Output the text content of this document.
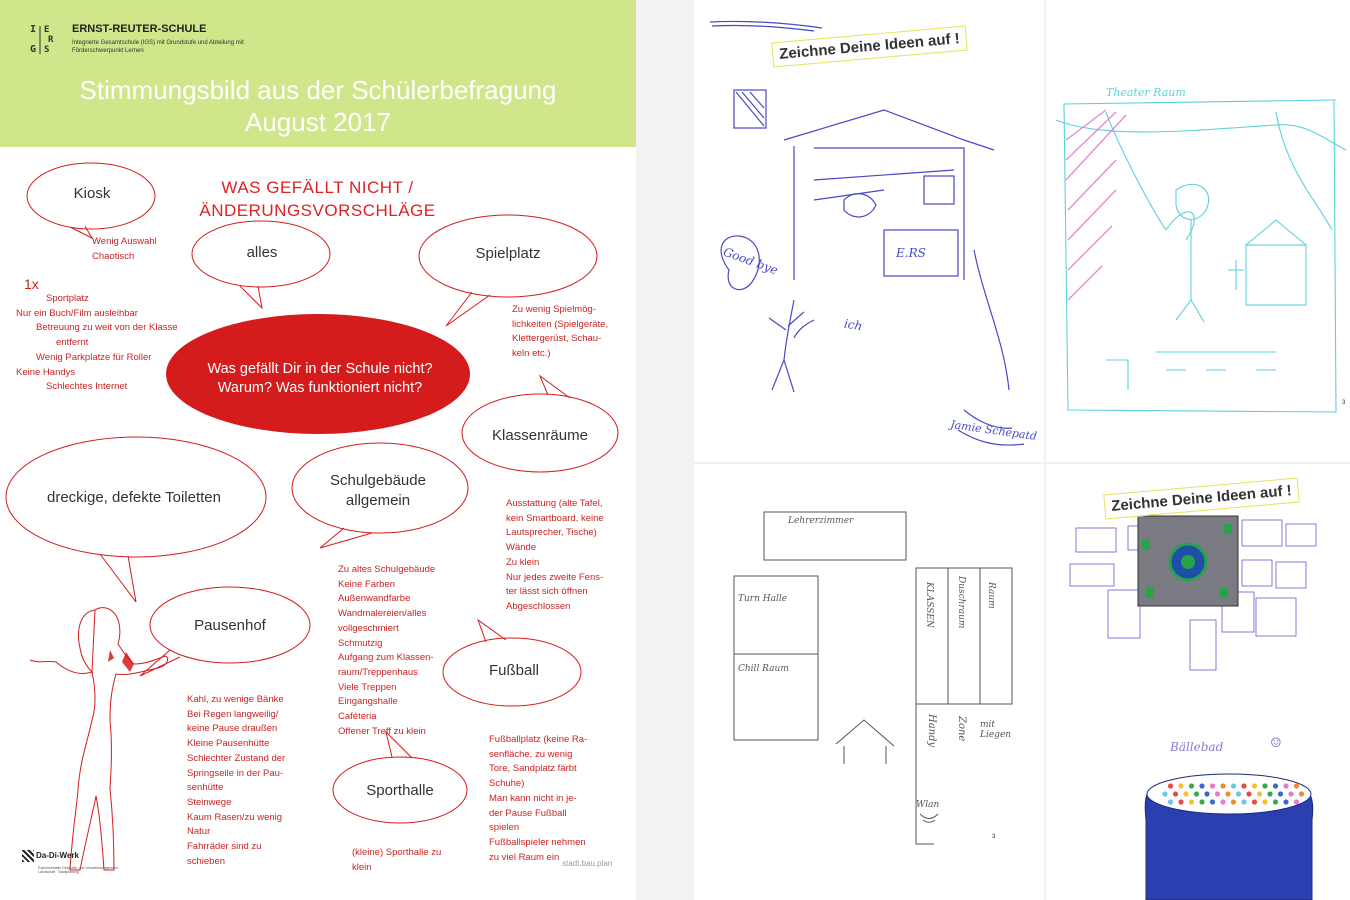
I E
R
S
G
ERNST-REUTER-SCHULE
Integrierte Gesamtschule (IGS) mit Grundstufe und Abteilung mit Förderschwerpunkt Lernen
Stimmungsbild aus der Schülerbefragung
August 2017
Kiosk
alles	Spielplatz
Klassenräume
dreckige, defekte Toiletten
Schulgebäude
allgemein
Pausenhof
Fußball
Sporthalle
WAS GEFÄLLT NICHT /
ÄNDERUNGSVORSCHLÄGE
Was gefällt Dir in der Schule nicht?
Warum? Was funktioniert nicht?
1x
Wenig Auswahl
Chaotisch
Sportplatz
Nur ein Buch/Film ausleihbar
Betreuung zu weit von der Klasse
entfernt
Wenig Parkplatze für Roller
Keine Handys
Schlechtes Internet
Zu wenig Spielmög-
lichkeiten (Spielgeräte,
Klettergerüst, Schau-
keln etc.)
Ausstattung (alte Tafel,
kein Smartboard, keine
Lautsprecher, Tische)
Wände
Zu klein
Nur jedes zweite Fens-
ter lässt sich öffnen
Abgeschlossen
Zu altes Schulgebäude
Keine Farben
Außenwandfarbe
Wandmalereien/alles
vollgeschmiert
Schmutzig
Aufgang zum Klassen-
raum/Treppenhaus
Viele Treppen
Eingangshalle
Caféteria
Offener Treff zu klein
Kahl, zu wenige Bänke
Bei Regen langweilig/
keine Pause draußen
Kleine Pausenhütte
Schlechter Zustand der
Springseile in der Pau-
senhütte
Steinwege
Kaum Rasen/zu wenig
Natur
Fahrräder sind zu
schieben
Fußballplatz (keine Ra-
senfläche, zu wenig
Tore, Sandplatz färbt
Schuhe)
Man kann nicht in je-
der Pause Fußball
spielen
Fußballspieler nehmen
zu viel Raum ein
(kleine) Sporthalle zu
klein
Da-Di-Werk
Experimentelle Gebäude- und Umweltmanagement · Landschaft · Stadtplanung
stadt.bau.plan
Zeichne Deine Ideen auf !
Good bye
ich
E.RS
Jamie Schepatd
Theater Raum
3
Lehrerzimmer
Turn Halle
Chill Raum
KLASSEN Duschraum Raum
Handy Zone mit Liegen
Wlan
3
Zeichne Deine Ideen auf !
Bällebad	☺
